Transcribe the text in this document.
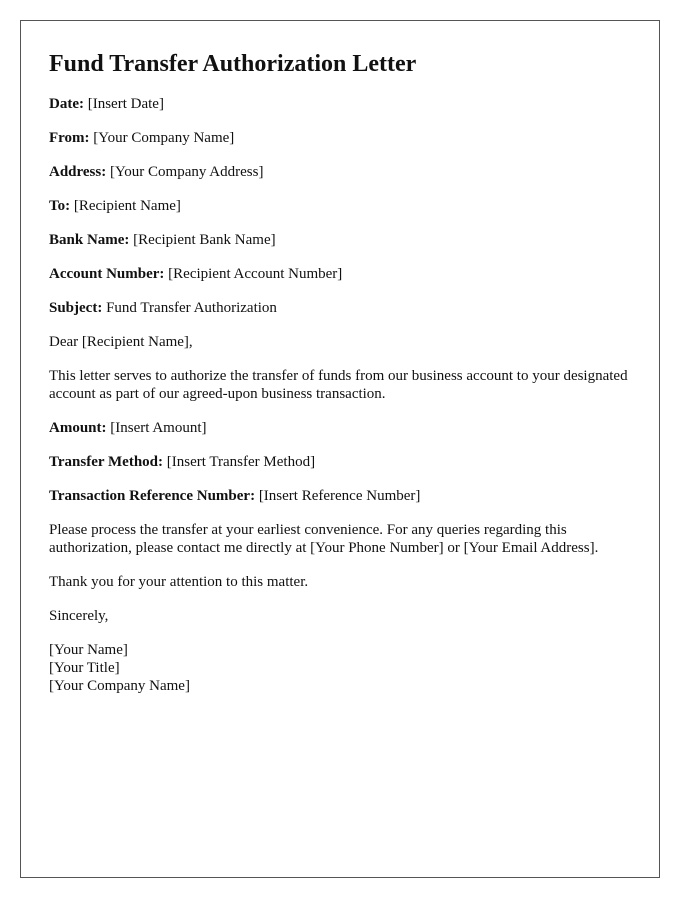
Fund Transfer Authorization Letter

Date: [Insert Date]

From: [Your Company Name]

Address: [Your Company Address]

To: [Recipient Name]

Bank Name: [Recipient Bank Name]

Account Number: [Recipient Account Number]

Subject: Fund Transfer Authorization

Dear [Recipient Name],

This letter serves to authorize the transfer of funds from our business account to your designated account as part of our agreed-upon business transaction.

Amount: [Insert Amount]

Transfer Method: [Insert Transfer Method]

Transaction Reference Number: [Insert Reference Number]

Please process the transfer at your earliest convenience. For any queries regarding this authorization, please contact me directly at [Your Phone Number] or [Your Email Address].

Thank you for your attention to this matter.

Sincerely,

[Your Name]
[Your Title]
[Your Company Name]
